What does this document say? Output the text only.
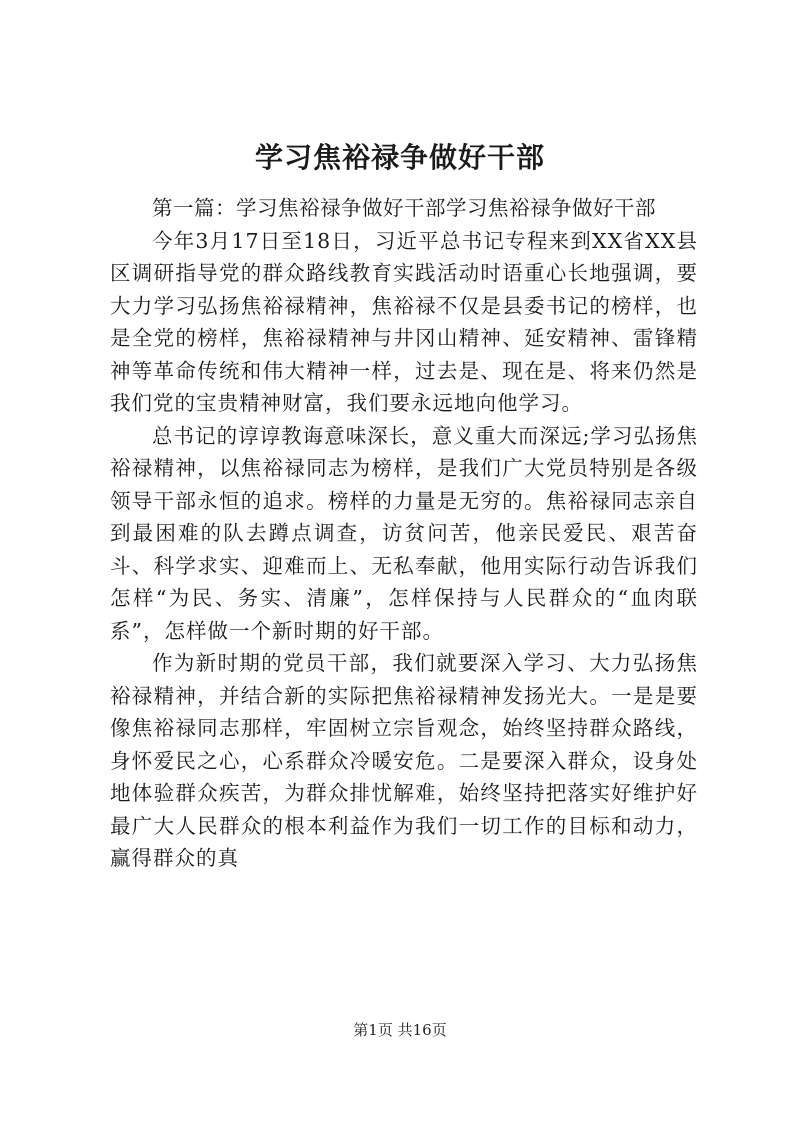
学习焦裕禄争做好干部

第一篇：学习焦裕禄争做好干部学习焦裕禄争做好干部

今年3月17日至18日，习近平总书记专程来到XX省XX县区调研指导党的群众路线教育实践活动时语重心长地强调，要大力学习弘扬焦裕禄精神，焦裕禄不仅是县委书记的榜样，也是全党的榜样，焦裕禄精神与井冈山精神、延安精神、雷锋精神等革命传统和伟大精神一样，过去是、现在是、将来仍然是我们党的宝贵精神财富，我们要永远地向他学习。

总书记的谆谆教诲意味深长，意义重大而深远;学习弘扬焦裕禄精神，以焦裕禄同志为榜样，是我们广大党员特别是各级领导干部永恒的追求。榜样的力量是无穷的。焦裕禄同志亲自到最困难的队去蹲点调查，访贫问苦，他亲民爱民、艰苦奋斗、科学求实、迎难而上、无私奉献，他用实际行动告诉我们怎样“为民、务实、清廉”，怎样保持与人民群众的“血肉联系”，怎样做一个新时期的好干部。

作为新时期的党员干部，我们就要深入学习、大力弘扬焦裕禄精神，并结合新的实际把焦裕禄精神发扬光大。一是是要像焦裕禄同志那样，牢固树立宗旨观念，始终坚持群众路线，身怀爱民之心，心系群众冷暖安危。二是要深入群众，设身处地体验群众疾苦，为群众排忧解难，始终坚持把落实好维护好最广大人民群众的根本利益作为我们一切工作的目标和动力，赢得群众的真

第1页 共16页
